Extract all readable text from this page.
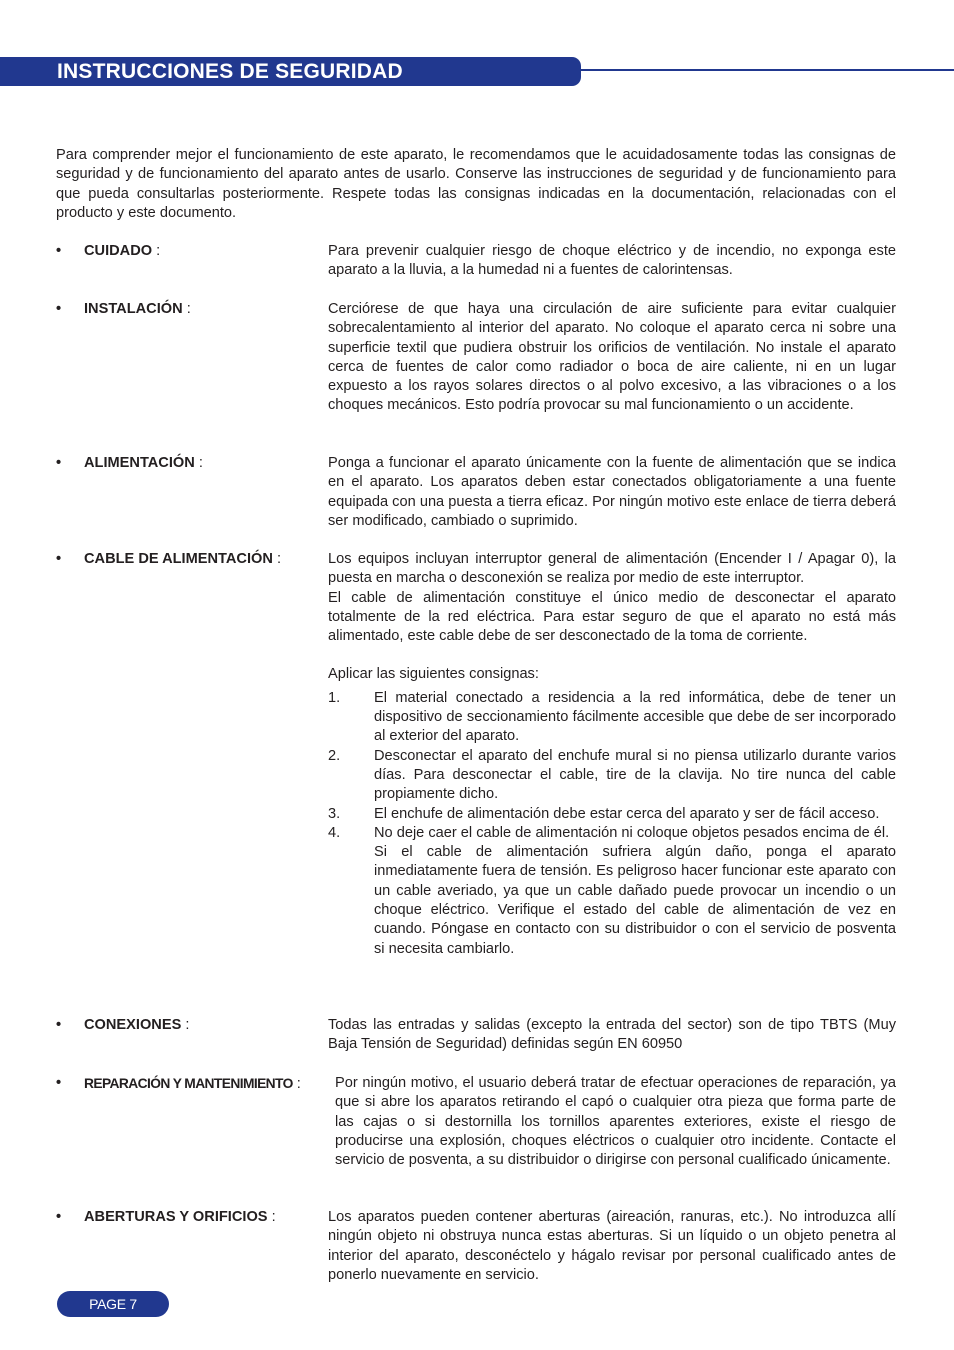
INSTRUCCIONES DE SEGURIDAD

Para comprender mejor el funcionamiento de este aparato, le recomendamos que le acuidadosamente todas las consignas de seguridad y de funcionamiento del aparato antes de usarlo. Conserve las instrucciones de seguridad y de funcionamiento para que pueda consultarlas posteriormente. Respete todas las consignas indicadas en la documentación, relacionadas con el producto y este documento.

• CUIDADO :	Para prevenir cualquier riesgo de choque eléctrico y de incendio, no exponga este aparato a la lluvia, a la humedad ni a fuentes de calorintensas.

• INSTALACIÓN :	Cerciórese de que haya una circulación de aire suficiente para evitar cualquier sobrecalentamiento al interior del aparato. No coloque el aparato cerca ni sobre una superficie textil que pudiera obstruir los orificios de ventilación. No instale el aparato cerca de fuentes de calor como radiador o boca de aire caliente, ni en un lugar expuesto a los rayos solares directos o al polvo excesivo, a las vibraciones o a los choques mecánicos. Esto podría provocar su mal funcionamiento o un accidente.

• ALIMENTACIÓN :	Ponga a funcionar el aparato únicamente con la fuente de alimentación que se indica en el aparato. Los aparatos deben estar conectados obligatoriamente a una fuente equipada con una puesta a tierra eficaz. Por ningún motivo este enlace de tierra deberá ser modificado, cambiado o suprimido.

• CABLE DE ALIMENTACIÓN :	Los equipos incluyan interruptor general de alimentación (Encender I / Apagar 0), la puesta en marcha o desconexión se realiza por medio de este interruptor.

El cable de alimentación constituye el único medio de desconectar el aparato totalmente de la red eléctrica. Para estar seguro de que el aparato no está más alimentado, este cable debe de ser desconectado de la toma de corriente.

Aplicar las siguientes consignas:

1. El material conectado a residencia a la red informática, debe de tener un dispositivo de seccionamiento fácilmente accesible que debe de ser incorporado al exterior del aparato.
2. Desconectar el aparato del enchufe mural si no piensa utilizarlo durante varios días. Para desconectar el cable, tire de la clavija. No tire nunca del cable propiamente dicho.
3. El enchufe de alimentación debe estar cerca del aparato y ser de fácil acceso.
4. No deje caer el cable de alimentación ni coloque objetos pesados encima de él.
Si el cable de alimentación sufriera algún daño, ponga el aparato inmediatamente fuera de tensión. Es peligroso hacer funcionar este aparato con un cable averiado, ya que un cable dañado puede provocar un incendio o un choque eléctrico. Verifique el estado del cable de alimentación de vez en cuando. Póngase en contacto con su distribuidor o con el servicio de posventa si necesita cambiarlo.
• CONEXIONES :	Todas las entradas y salidas (excepto la entrada del sector) son de tipo TBTS (Muy Baja Tensión de Seguridad) definidas según EN 60950

• REPARACIÓN Y MANTENIMIENTO : Por ningún motivo, el usuario deberá tratar de efectuar operaciones de reparación, ya que si abre los aparatos retirando el capó o cualquier otra pieza que forma parte de las cajas o si destornilla los tornillos aparentes exteriores, existe el riesgo de producirse una explosión, choques eléctricos o cualquier otro incidente. Contacte el servicio de posventa, a su distribuidor o dirigirse con personal cualificado únicamente.

• ABERTURAS Y ORIFICIOS :	Los aparatos pueden contener aberturas (aireación, ranuras, etc.). No introduzca allí ningún objeto ni obstruya nunca estas aberturas. Si un líquido o un objeto penetra al interior del aparato, desconéctelo y hágalo revisar por personal cualificado antes de ponerlo nuevamente en servicio.

PAGE 7
